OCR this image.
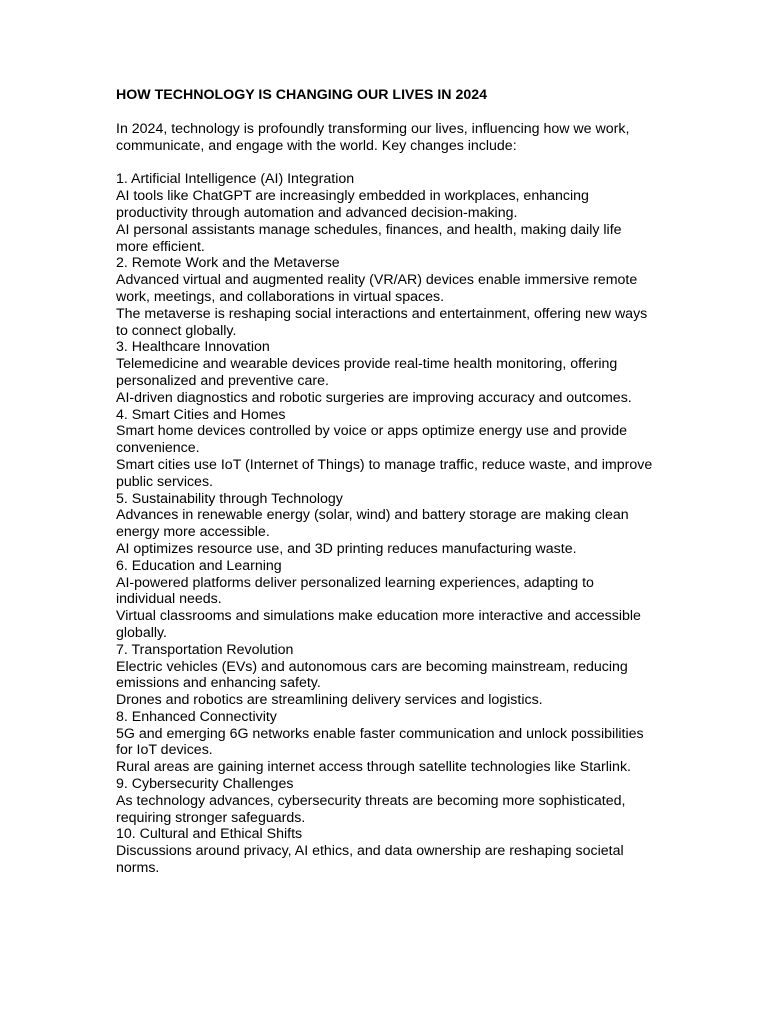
HOW TECHNOLOGY IS CHANGING OUR LIVES IN 2024

In 2024, technology is profoundly transforming our lives, influencing how we work, communicate, and engage with the world. Key changes include:

1. Artificial Intelligence (AI) Integration

AI tools like ChatGPT are increasingly embedded in workplaces, enhancing productivity through automation and advanced decision-making.

AI personal assistants manage schedules, finances, and health, making daily life more efficient.

2. Remote Work and the Metaverse

Advanced virtual and augmented reality (VR/AR) devices enable immersive remote work, meetings, and collaborations in virtual spaces.

The metaverse is reshaping social interactions and entertainment, offering new ways to connect globally.

3. Healthcare Innovation

Telemedicine and wearable devices provide real-time health monitoring, offering personalized and preventive care.

AI-driven diagnostics and robotic surgeries are improving accuracy and outcomes.

4. Smart Cities and Homes

Smart home devices controlled by voice or apps optimize energy use and provide convenience.

Smart cities use IoT (Internet of Things) to manage traffic, reduce waste, and improve public services.

5. Sustainability through Technology

Advances in renewable energy (solar, wind) and battery storage are making clean energy more accessible.

AI optimizes resource use, and 3D printing reduces manufacturing waste.

6. Education and Learning

AI-powered platforms deliver personalized learning experiences, adapting to individual needs.

Virtual classrooms and simulations make education more interactive and accessible globally.

7. Transportation Revolution

Electric vehicles (EVs) and autonomous cars are becoming mainstream, reducing emissions and enhancing safety.

Drones and robotics are streamlining delivery services and logistics.

8. Enhanced Connectivity

5G and emerging 6G networks enable faster communication and unlock possibilities for IoT devices.

Rural areas are gaining internet access through satellite technologies like Starlink.

9. Cybersecurity Challenges

As technology advances, cybersecurity threats are becoming more sophisticated, requiring stronger safeguards.

10. Cultural and Ethical Shifts

Discussions around privacy, AI ethics, and data ownership are reshaping societal norms.
